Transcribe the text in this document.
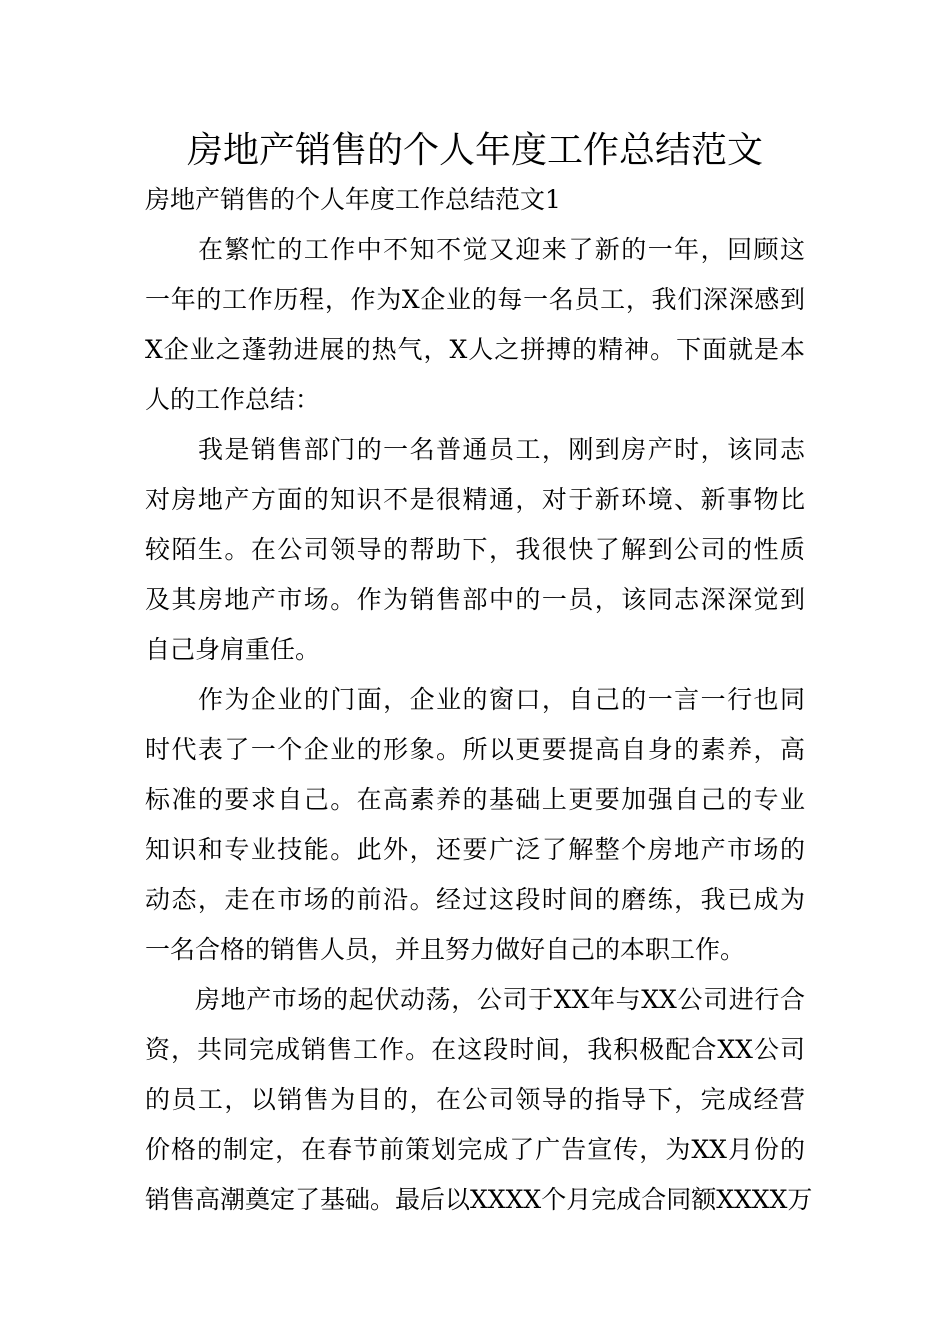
房地产销售的个人年度工作总结范文

房地产销售的个人年度工作总结范文1

在繁忙的工作中不知不觉又迎来了新的一年，回顾这
一年的工作历程，作为X企业的每一名员工，我们深深感到
X企业之蓬勃进展的热气，X人之拼搏的精神。下面就是本
人的工作总结：
我是销售部门的一名普通员工，刚到房产时，该同志
对房地产方面的知识不是很精通，对于新环境、新事物比
较陌生。在公司领导的帮助下，我很快了解到公司的性质
及其房地产市场。作为销售部中的一员，该同志深深觉到
自己身肩重任。
作为企业的门面，企业的窗口，自己的一言一行也同
时代表了一个企业的形象。所以更要提高自身的素养，高
标准的要求自己。在高素养的基础上更要加强自己的专业
知识和专业技能。此外，还要广泛了解整个房地产市场的
动态，走在市场的前沿。经过这段时间的磨练，我已成为
一名合格的销售人员，并且努力做好自己的本职工作。
房地产市场的起伏动荡，公司于XX年与XX公司进行合
资，共同完成销售工作。在这段时间，我积极配合XX公司
的员工，以销售为目的，在公司领导的指导下，完成经营
价格的制定，在春节前策划完成了广告宣传，为XX月份的
销售高潮奠定了基础。最后以XXXX个月完成合同额XXXX万
